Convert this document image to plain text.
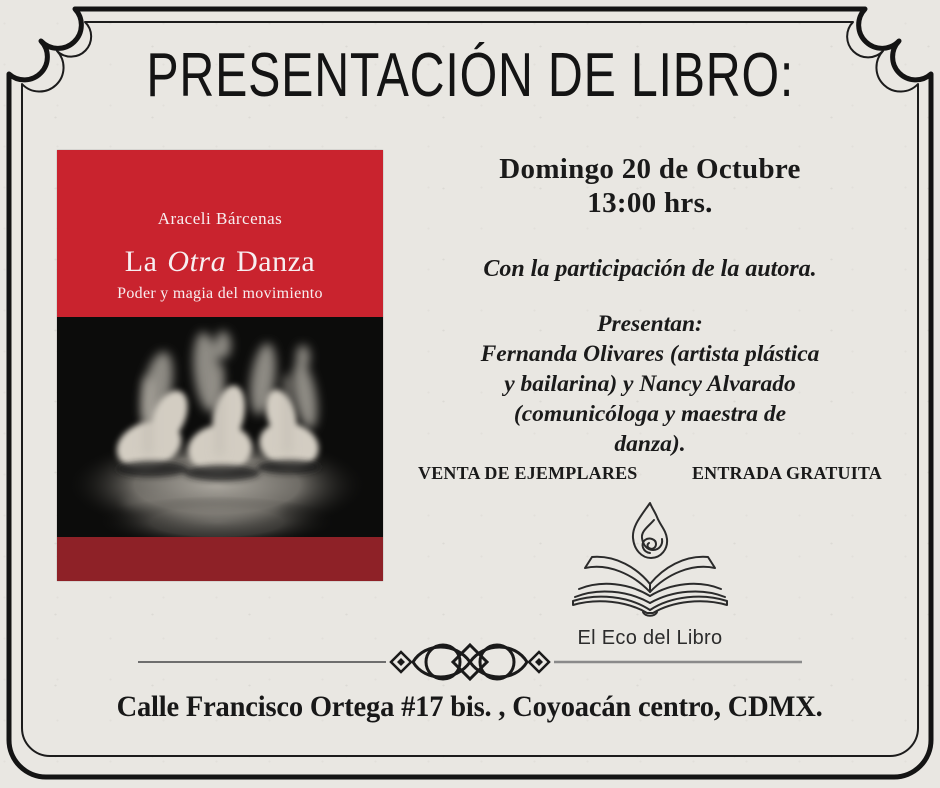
PRESENTACIÓN DE LIBRO:
Araceli Bárcenas
La Otra Danza
Poder y magia del movimiento
Domingo 20 de Octubre
13:00 hrs.
Con la participación de la autora.
Presentan:
Fernanda Olivares (artista plástica
y bailarina) y Nancy Alvarado
(comunicóloga y maestra de
danza).
VENTA DE EJEMPLARES	ENTRADA GRATUITA
El Eco del Libro
Calle Francisco Ortega #17 bis. , Coyoacán centro, CDMX.
